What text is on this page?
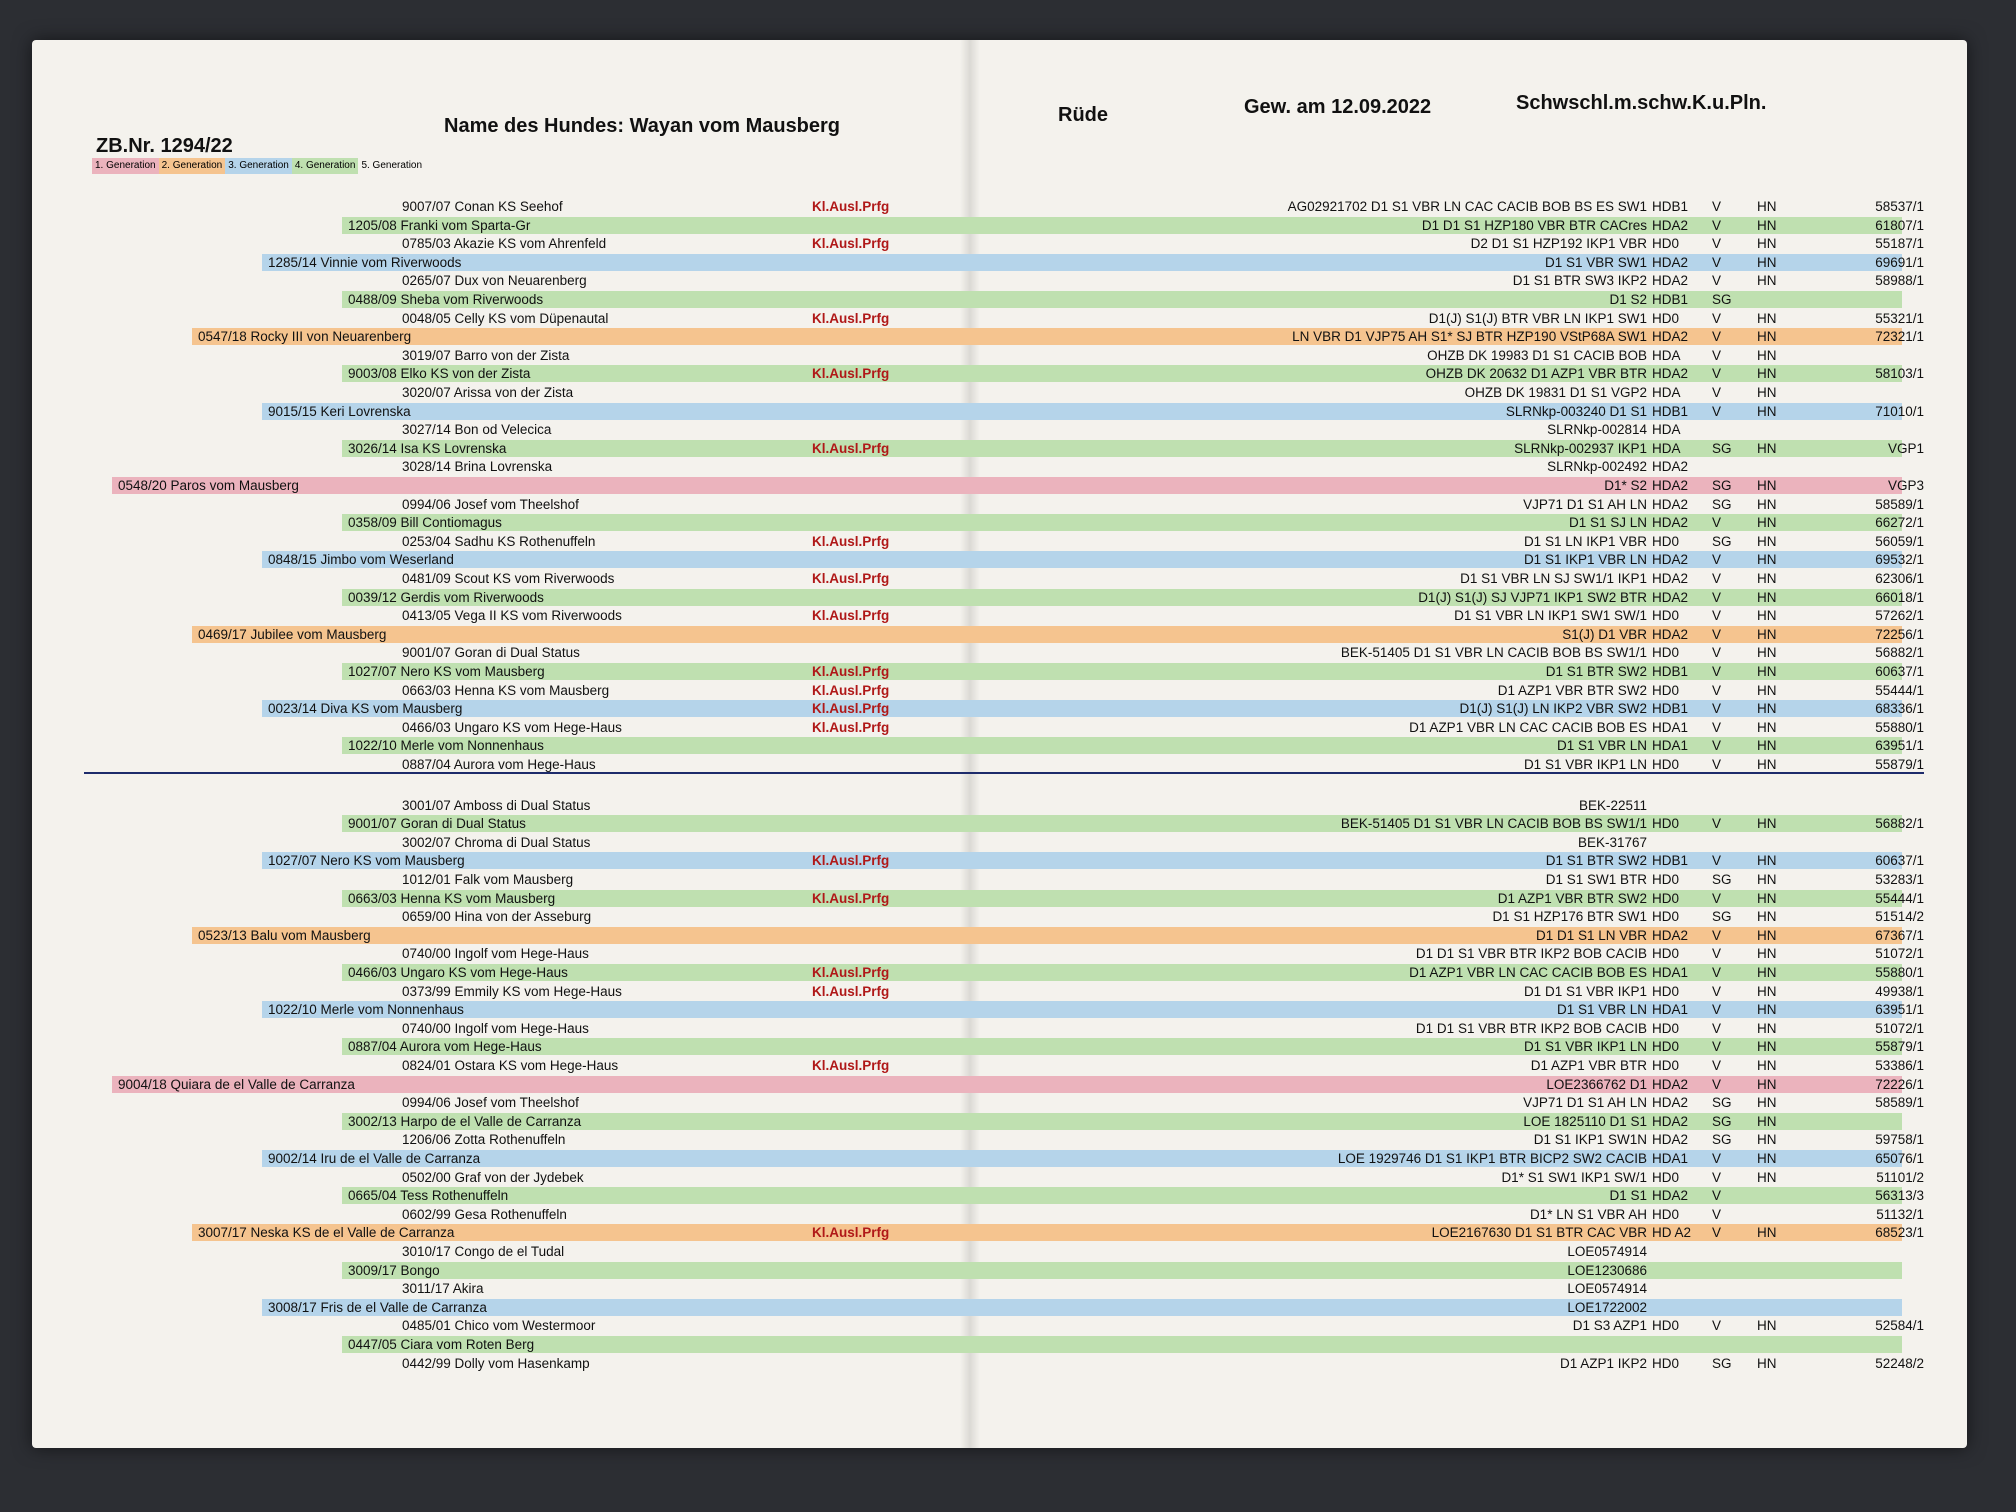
ZB.Nr. 1294/22
Name des Hundes: Wayan vom Mausberg	Rüde	Gew. am 12.09.2022	Schwschl.m.schw.K.u.Pln.
1. Generation 2. Generation 3. Generation 4. Generation 5. Generation
9007/07 Conan KS Seehof	Kl.Ausl.Prfg	AG02921702 D1 S1 VBR LN CAC CACIB BOB BS ES SW1 HDB1 V	HN	58537/1
1205/08 Franki vom Sparta-Gr	D1 D1 S1 HZP180 VBR BTR CACres HDA2 V	HN	61807/1
0785/03 Akazie KS vom Ahrenfeld	Kl.Ausl.Prfg	D2 D1 S1 HZP192 IKP1 VBR HD0 V	HN	55187/1
1285/14 Vinnie vom Riverwoods	D1 S1 VBR SW1 HDA2 V	HN	69691/1
0265/07 Dux von Neuarenberg	D1 S1 BTR SW3 IKP2 HDA2 V	HN	58988/1
0488/09 Sheba vom Riverwoods	D1 S2 HDB1 SG
0048/05 Celly KS vom Düpenautal	Kl.Ausl.Prfg	D1(J) S1(J) BTR VBR LN IKP1 SW1 HD0 V	HN	55321/1
0547/18 Rocky III von Neuarenberg	LN VBR D1 VJP75 AH S1* SJ BTR HZP190 VStP68A SW1 HDA2 V	HN	72321/1
3019/07 Barro von der Zista	OHZB DK 19983 D1 S1 CACIB BOB HDA V	HN
9003/08 Elko KS von der Zista	Kl.Ausl.Prfg	OHZB DK 20632 D1 AZP1 VBR BTR HDA2 V	HN	58103/1
3020/07 Arissa von der Zista	OHZB DK 19831 D1 S1 VGP2 HDA V	HN
9015/15 Keri Lovrenska	SLRNkp-003240 D1 S1 HDB1 V	HN	71010/1
3027/14 Bon od Velecica	SLRNkp-002814 HDA
3026/14 Isa KS Lovrenska	Kl.Ausl.Prfg	SLRNkp-002937 IKP1 HDA SG HN	VGP1
3028/14 Brina Lovrenska	SLRNkp-002492 HDA2
0548/20 Paros vom Mausberg	D1* S2 HDA2 SG HN	VGP3
0994/06 Josef vom Theelshof	VJP71 D1 S1 AH LN HDA2 SG HN	58589/1
0358/09 Bill Contiomagus	D1 S1 SJ LN HDA2 V	HN	66272/1
0253/04 Sadhu KS Rothenuffeln	Kl.Ausl.Prfg	D1 S1 LN IKP1 VBR HD0 SG HN	56059/1
0848/15 Jimbo vom Weserland	D1 S1 IKP1 VBR LN HDA2 V	HN	69532/1
0481/09 Scout KS vom Riverwoods	Kl.Ausl.Prfg	D1 S1 VBR LN SJ SW1/1 IKP1 HDA2 V	HN	62306/1
0039/12 Gerdis vom Riverwoods	D1(J) S1(J) SJ VJP71 IKP1 SW2 BTR HDA2 V	HN	66018/1
0413/05 Vega II KS vom Riverwoods	Kl.Ausl.Prfg	D1 S1 VBR LN IKP1 SW1 SW/1 HD0 V	HN	57262/1
0469/17 Jubilee vom Mausberg	S1(J) D1 VBR HDA2 V	HN	72256/1
9001/07 Goran di Dual Status	BEK-51405 D1 S1 VBR LN CACIB BOB BS SW1/1 HD0 V	HN	56882/1
1027/07 Nero KS vom Mausberg	Kl.Ausl.Prfg	D1 S1 BTR SW2 HDB1 V	HN	60637/1
0663/03 Henna KS vom Mausberg	Kl.Ausl.Prfg	D1 AZP1 VBR BTR SW2 HD0 V	HN	55444/1
0023/14 Diva KS vom Mausberg	Kl.Ausl.Prfg	D1(J) S1(J) LN IKP2 VBR SW2 HDB1 V	HN	68336/1
0466/03 Ungaro KS vom Hege-Haus	Kl.Ausl.Prfg	D1 AZP1 VBR LN CAC CACIB BOB ES HDA1 V	HN	55880/1
1022/10 Merle vom Nonnenhaus	D1 S1 VBR LN HDA1 V	HN	63951/1
0887/04 Aurora vom Hege-Haus	D1 S1 VBR IKP1 LN HD0 V	HN	55879/1
3001/07 Amboss di Dual Status	BEK-22511
9001/07 Goran di Dual Status	BEK-51405 D1 S1 VBR LN CACIB BOB BS SW1/1 HD0 V	HN	56882/1
3002/07 Chroma di Dual Status	BEK-31767
1027/07 Nero KS vom Mausberg	Kl.Ausl.Prfg	D1 S1 BTR SW2 HDB1 V	HN	60637/1
1012/01 Falk vom Mausberg	D1 S1 SW1 BTR HD0 SG HN	53283/1
0663/03 Henna KS vom Mausberg	Kl.Ausl.Prfg	D1 AZP1 VBR BTR SW2 HD0 V	HN	55444/1
0659/00 Hina von der Asseburg	D1 S1 HZP176 BTR SW1 HD0 SG HN	51514/2
0523/13 Balu vom Mausberg	D1 D1 S1 LN VBR HDA2 V	HN	67367/1
0740/00 Ingolf vom Hege-Haus	D1 D1 S1 VBR BTR IKP2 BOB CACIB HD0 V	HN	51072/1
0466/03 Ungaro KS vom Hege-Haus	Kl.Ausl.Prfg	D1 AZP1 VBR LN CAC CACIB BOB ES HDA1 V	HN	55880/1
0373/99 Emmily KS vom Hege-Haus	Kl.Ausl.Prfg	D1 D1 S1 VBR IKP1 HD0 V	HN	49938/1
1022/10 Merle vom Nonnenhaus	D1 S1 VBR LN HDA1 V	HN	63951/1
0740/00 Ingolf vom Hege-Haus	D1 D1 S1 VBR BTR IKP2 BOB CACIB HD0 V	HN	51072/1
0887/04 Aurora vom Hege-Haus	D1 S1 VBR IKP1 LN HD0 V	HN	55879/1
0824/01 Ostara KS vom Hege-Haus	Kl.Ausl.Prfg	D1 AZP1 VBR BTR HD0 V	HN	53386/1
9004/18 Quiara de el Valle de Carranza	LOE2366762 D1 HDA2 V	HN	72226/1
0994/06 Josef vom Theelshof	VJP71 D1 S1 AH LN HDA2 SG HN	58589/1
3002/13 Harpo de el Valle de Carranza	LOE 1825110 D1 S1 HDA2 SG HN
1206/06 Zotta Rothenuffeln	D1 S1 IKP1 SW1N HDA2 SG HN	59758/1
9002/14 Iru de el Valle de Carranza	LOE 1929746 D1 S1 IKP1 BTR BICP2 SW2 CACIB HDA1 V	HN	65076/1
0502/00 Graf von der Jydebek	D1* S1 SW1 IKP1 SW/1 HD0 V	HN	51101/2
0665/04 Tess Rothenuffeln	D1 S1 HDA2 V	56313/3
0602/99 Gesa Rothenuffeln	D1* LN S1 VBR AH HD0 V	51132/1
3007/17 Neska KS de el Valle de Carranza	Kl.Ausl.Prfg	LOE2167630 D1 S1 BTR CAC VBR HD A2 V	HN	68523/1
3010/17 Congo de el Tudal	LOE0574914
3009/17 Bongo	LOE1230686
3011/17 Akira	LOE0574914
3008/17 Fris de el Valle de Carranza	LOE1722002
0485/01 Chico vom Westermoor	D1 S3 AZP1 HD0 V	HN	52584/1
0447/05 Ciara vom Roten Berg
0442/99 Dolly vom Hasenkamp	D1 AZP1 IKP2 HD0 SG HN	52248/2
